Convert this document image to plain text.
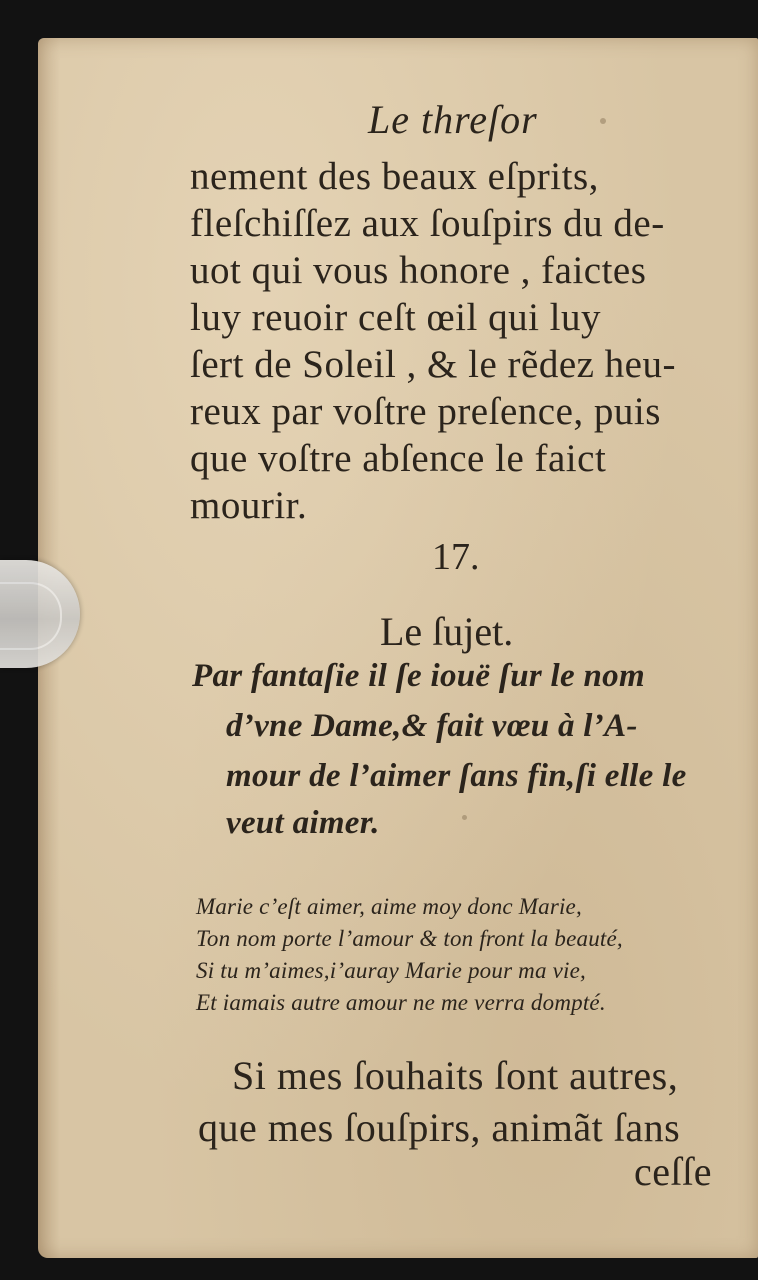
Le threſor

nement des beaux eſprits,

fleſchiſſez aux ſouſpirs du de-

uot qui vous honore , faictes

luy reuoir ceſt œil qui luy

ſert de Soleil , & le rẽdez heu-

reux par voſtre preſence, puis

que voſtre abſence le faict

mourir.

17.

Le ſujet.

Par fantaſie il ſe iouë ſur le nom

d’vne Dame,& fait vœu à l’A-

mour de l’aimer ſans fin,ſi elle le

veut aimer.

Marie c’eſt aimer, aime moy donc Marie,

Ton nom porte l’amour & ton front la beauté,

Si tu m’aimes,i’auray Marie pour ma vie,

Et iamais autre amour ne me verra dompté.

Si mes ſouhaits ſont autres,

que mes ſouſpirs, animãt ſans

ceſſe
